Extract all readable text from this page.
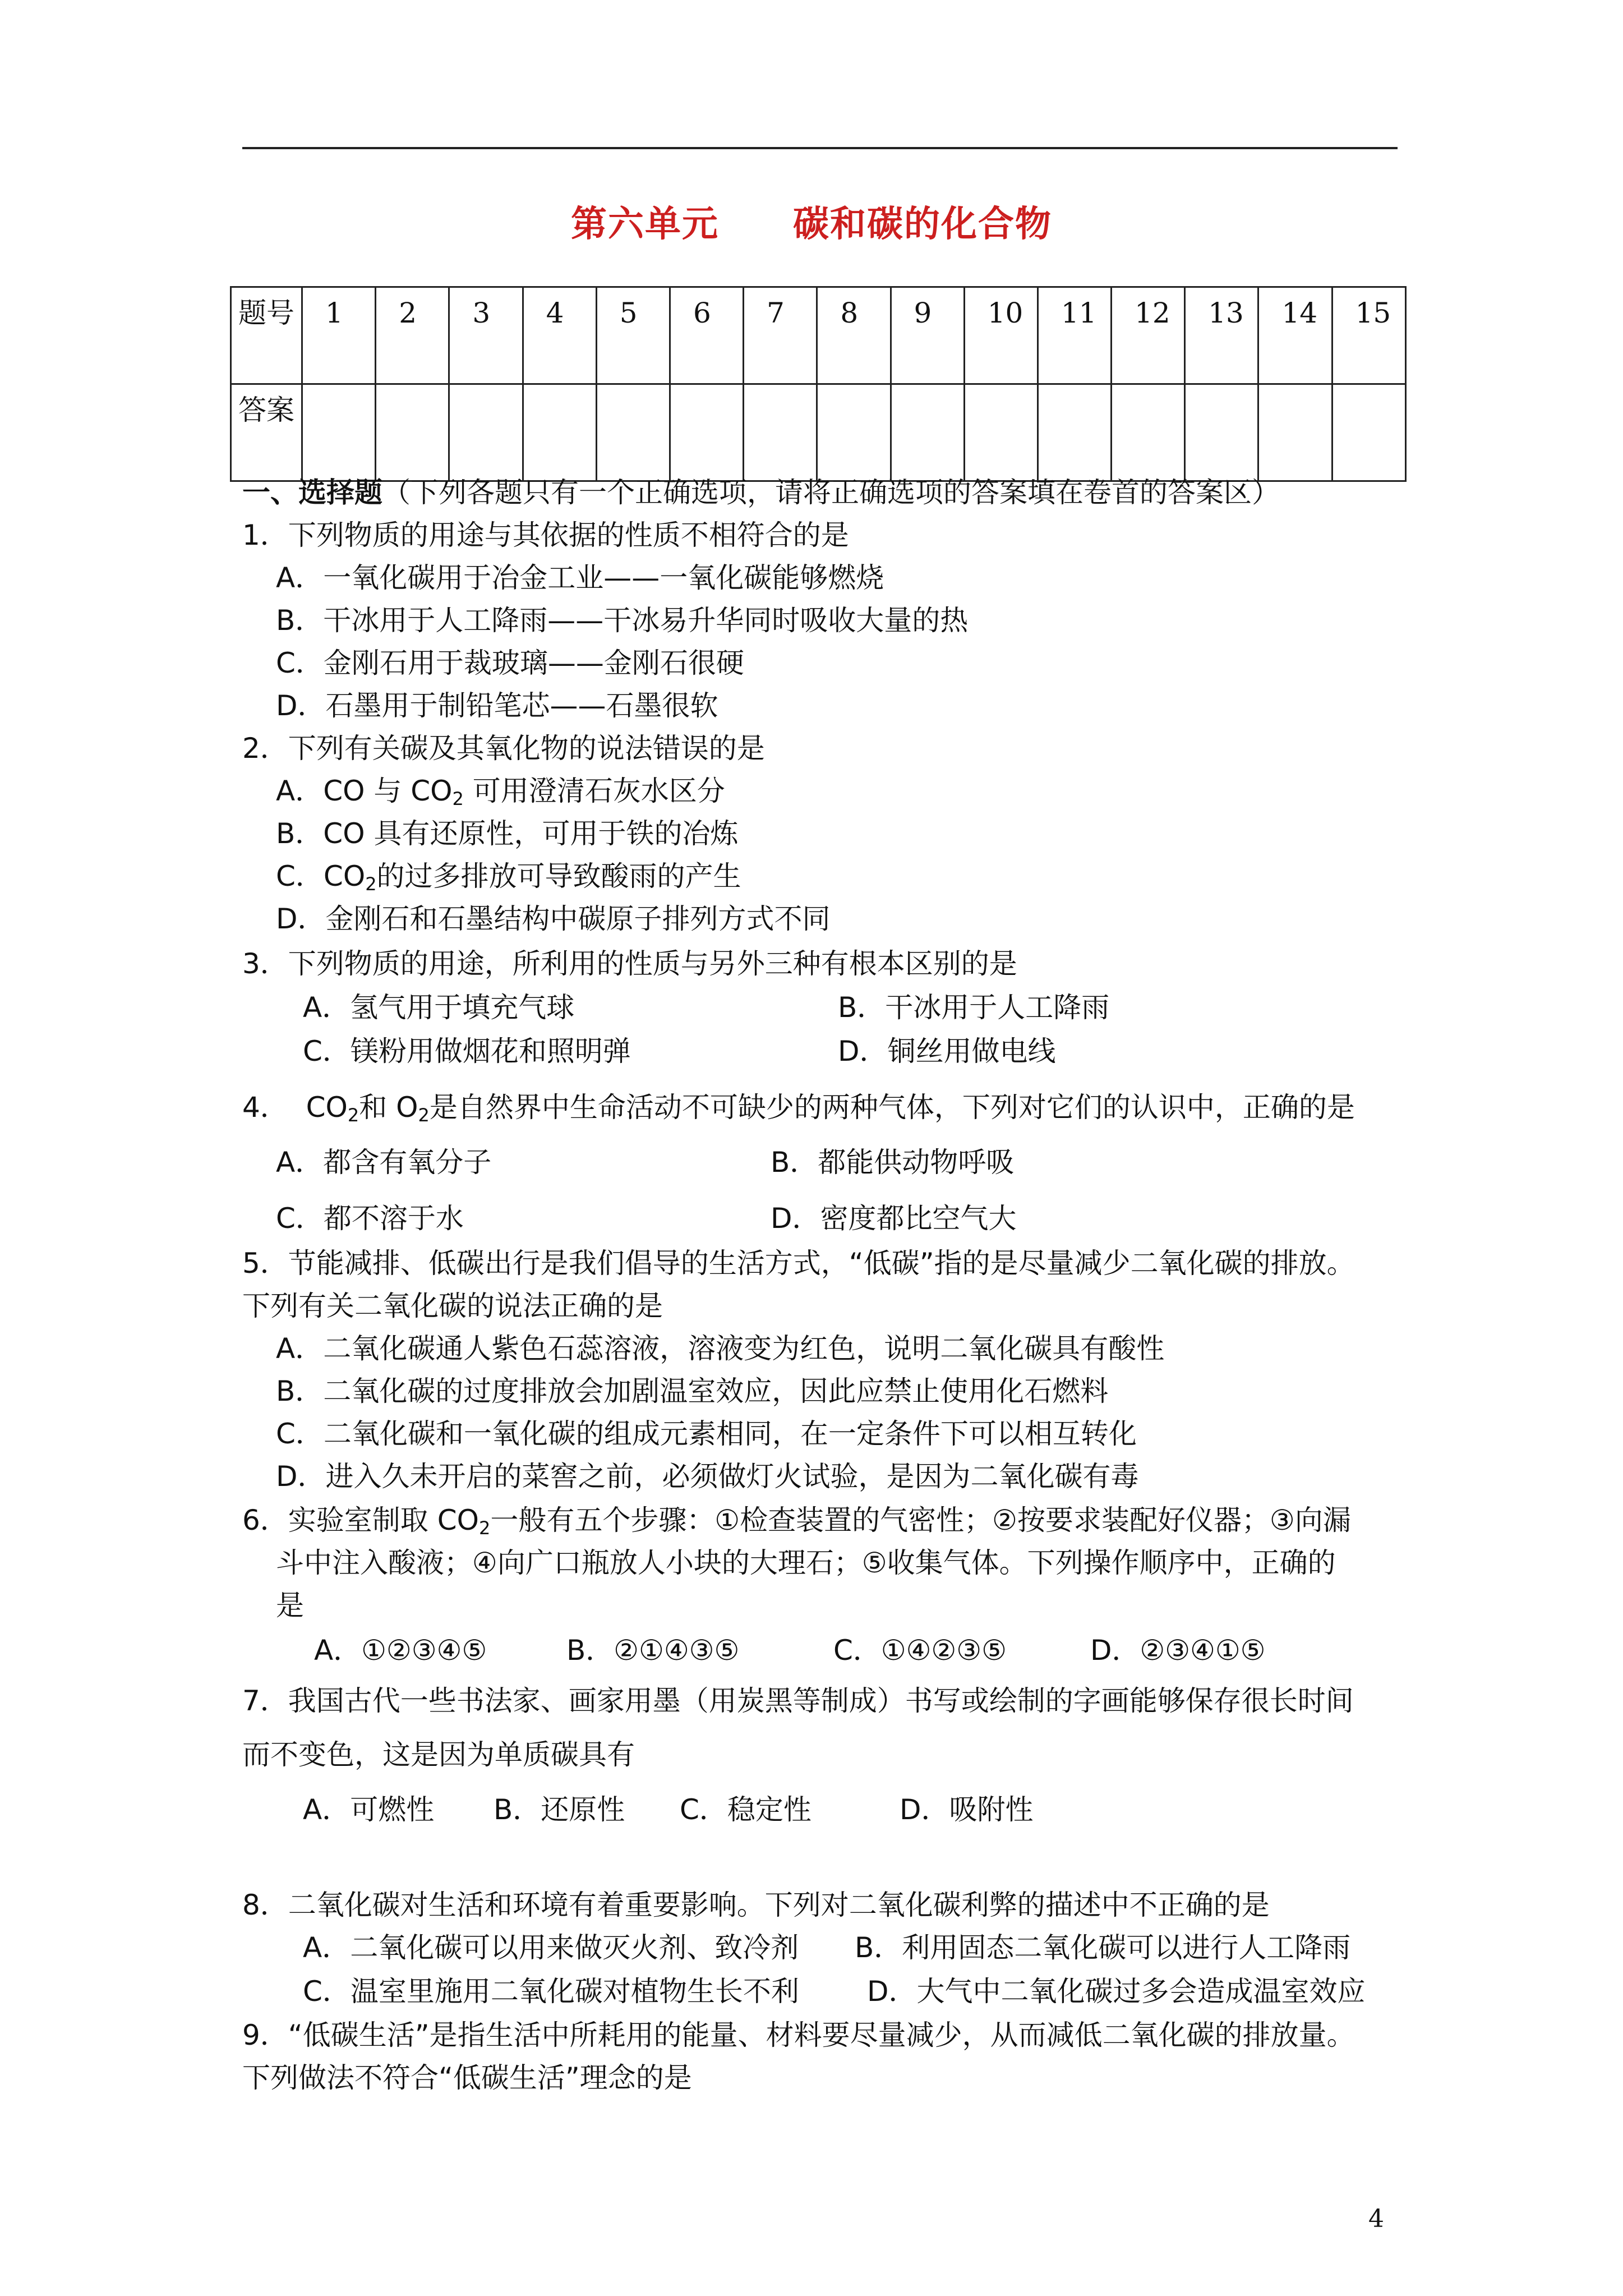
第六单元　　碳和碳的化合物
题号	1	2	3	4	5	6	7	8	9	10	11	12	13	14	15
答案															
一、选择题（下列各题只有一个正确选项，请将正确选项的答案填在卷首的答案区）
1．下列物质的用途与其依据的性质不相符合的是
A．一氧化碳用于冶金工业——一氧化碳能够燃烧
B．干冰用于人工降雨——干冰易升华同时吸收大量的热
C．金刚石用于裁玻璃——金刚石很硬
D．石墨用于制铅笔芯——石墨很软
2．下列有关碳及其氧化物的说法错误的是
A．CO 与 $CO_2$ 可用澄清石灰水区分
B．CO 具有还原性，可用于铁的冶炼
C．$CO_2$的过多排放可导致酸雨的产生
D．金刚石和石墨结构中碳原子排列方式不同
3．下列物质的用途，所利用的性质与另外三种有根本区别的是
A．氢气用于填充气球	B．干冰用于人工降雨
C．镁粉用做烟花和照明弹	D．铜丝用做电线
4．  $CO_2$和 $O_2$是自然界中生命活动不可缺少的两种气体，下列对它们的认识中，正确的是
A．都含有氧分子	B．都能供动物呼吸
C．都不溶于水	D．密度都比空气大
5．节能减排、低碳出行是我们倡导的生活方式，“低碳”指的是尽量减少二氧化碳的排放。
下列有关二氧化碳的说法正确的是
A．二氧化碳通人紫色石蕊溶液，溶液变为红色，说明二氧化碳具有酸性
B．二氧化碳的过度排放会加剧温室效应，因此应禁止使用化石燃料
C．二氧化碳和一氧化碳的组成元素相同，在一定条件下可以相互转化
D．进入久未开启的菜窖之前，必须做灯火试验，是因为二氧化碳有毒
6．实验室制取 $CO_2$一般有五个步骤：①检查装置的气密性；②按要求装配好仪器；③向漏
斗中注入酸液；④向广口瓶放人小块的大理石；⑤收集气体。下列操作顺序中，正确的
是
A．①②③④⑤	B．②①④③⑤	C．①④②③⑤	D．②③④①⑤
7．我国古代一些书法家、画家用墨（用炭黑等制成）书写或绘制的字画能够保存很长时间
而不变色，这是因为单质碳具有
A．可燃性 B．还原性 C．稳定性	D．吸附性
8．二氧化碳对生活和环境有着重要影响。下列对二氧化碳利弊的描述中不正确的是
A．二氧化碳可以用来做灭火剂、致冷剂 B．利用固态二氧化碳可以进行人工降雨
C．温室里施用二氧化碳对植物生长不利 D．大气中二氧化碳过多会造成温室效应
9．“低碳生活”是指生活中所耗用的能量、材料要尽量减少，从而减低二氧化碳的排放量。
下列做法不符合“低碳生活”理念的是
4
